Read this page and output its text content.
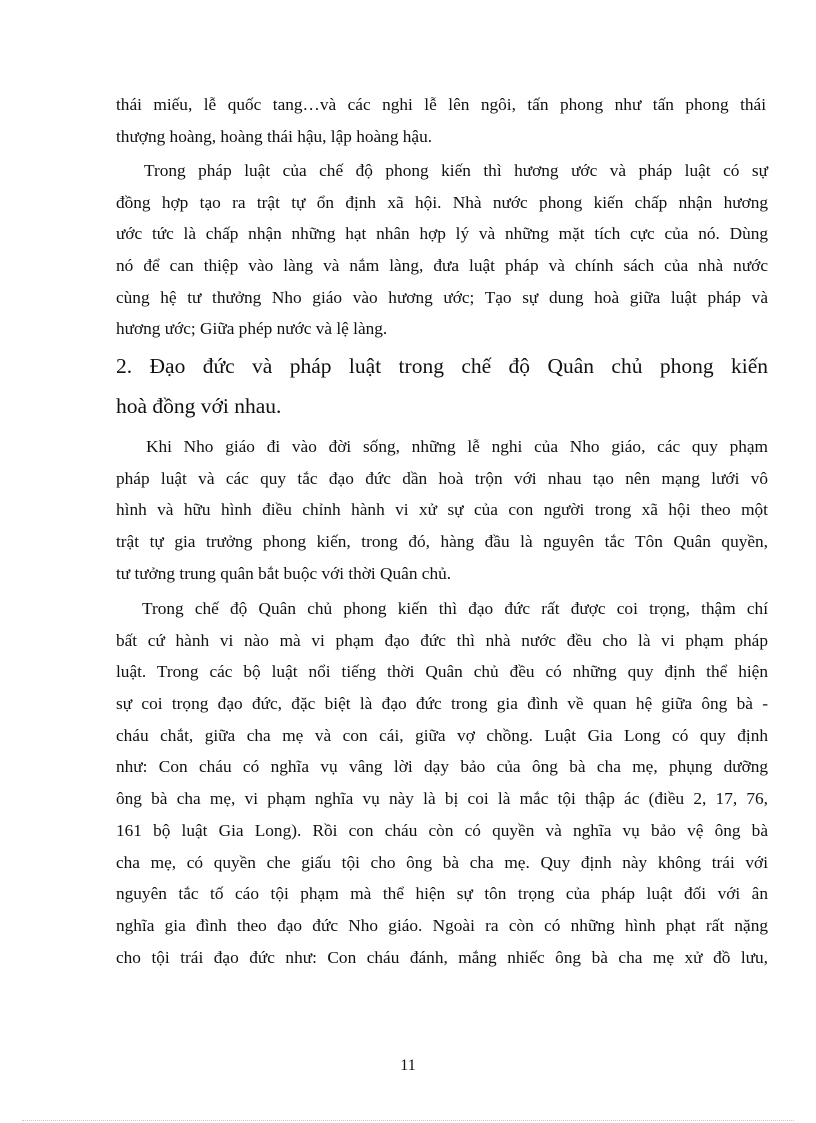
thái miếu, lễ quốc tang…và các nghi lễ lên ngôi, tấn phong như tấn phong thái
thượng hoàng, hoàng thái hậu, lập hoàng hậu.
Trong pháp luật của chế độ phong kiến thì hương ước và pháp luật có sự
đồng hợp tạo ra trật tự ổn định xã hội. Nhà nước phong kiến chấp nhận hương
ước tức là chấp nhận những hạt nhân hợp lý và những mặt tích cực của nó. Dùng
nó để can thiệp vào làng và nắm làng, đưa luật pháp và chính sách của nhà nước
cùng hệ tư thưởng Nho giáo vào hương ước; Tạo sự dung hoà giữa luật pháp và
hương ước; Giữa phép nước và lệ làng.
2. Đạo đức và pháp luật trong chế độ Quân chủ phong kiến
hoà đồng với nhau.
Khi Nho giáo đi vào đời sống, những lễ nghi của Nho giáo, các quy phạm
pháp luật và các quy tắc đạo đức dần hoà trộn với nhau tạo nên mạng lưới vô
hình và hữu hình điều chỉnh hành vi xử sự của con người trong xã hội theo một
trật tự gia trưởng phong kiến, trong đó, hàng đầu là nguyên tắc Tôn Quân quyền,
tư tưởng trung quân bắt buộc với thời Quân chủ.
Trong chế độ Quân chủ phong kiến thì đạo đức rất được coi trọng, thậm chí
bất cứ hành vi nào mà vi phạm đạo đức thì nhà nước đều cho là vi phạm pháp
luật. Trong các bộ luật nổi tiếng thời Quân chủ đều có những quy định thể hiện
sự coi trọng đạo đức, đặc biệt là đạo đức trong gia đình về quan hệ giữa ông bà -
cháu chắt, giữa cha mẹ và con cái, giữa vợ chồng. Luật Gia Long có quy định
như: Con cháu có nghĩa vụ vâng lời dạy bảo của ông bà cha mẹ, phụng dưỡng
ông bà cha mẹ, vi phạm nghĩa vụ này là bị coi là mắc tội thập ác (điều 2, 17, 76,
161 bộ luật Gia Long). Rồi con cháu còn có quyền và nghĩa vụ bảo vệ ông bà
cha mẹ, có quyền che giấu tội cho ông bà cha mẹ. Quy định này không trái với
nguyên tắc tố cáo tội phạm mà thể hiện sự tôn trọng của pháp luật đối với ân
nghĩa gia đình theo đạo đức Nho giáo. Ngoài ra còn có những hình phạt rất nặng
cho tội trái đạo đức như: Con cháu đánh, mắng nhiếc ông bà cha mẹ xử đồ lưu,
11
